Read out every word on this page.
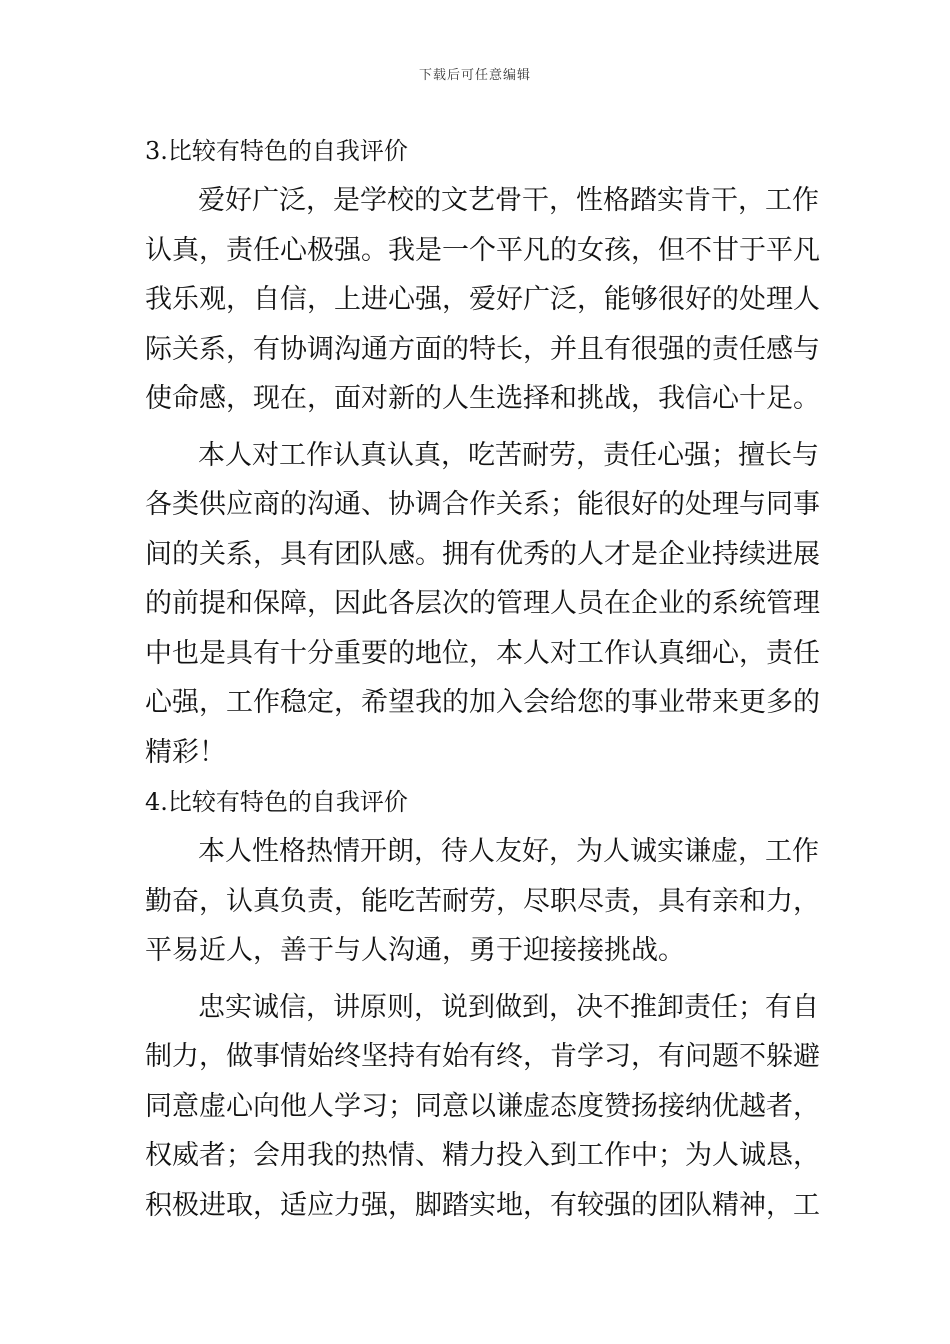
下载后可任意编辑
3.比较有特色的自我评价
爱好广泛，是学校的文艺骨干，性格踏实肯干，工作
认真，责任心极强。我是一个平凡的女孩，但不甘于平凡
我乐观，自信，上进心强，爱好广泛，能够很好的处理人
际关系，有协调沟通方面的特长，并且有很强的责任感与
使命感，现在，面对新的人生选择和挑战，我信心十足。
本人对工作认真认真，吃苦耐劳，责任心强；擅长与
各类供应商的沟通、协调合作关系；能很好的处理与同事
间的关系，具有团队感。拥有优秀的人才是企业持续进展
的前提和保障，因此各层次的管理人员在企业的系统管理
中也是具有十分重要的地位，本人对工作认真细心，责任
心强，工作稳定，希望我的加入会给您的事业带来更多的
精彩！
4.比较有特色的自我评价
本人性格热情开朗，待人友好，为人诚实谦虚，工作
勤奋，认真负责，能吃苦耐劳，尽职尽责，具有亲和力，
平易近人，善于与人沟通，勇于迎接接挑战。
忠实诚信，讲原则，说到做到，决不推卸责任；有自
制力，做事情始终坚持有始有终，肯学习，有问题不躲避
同意虚心向他人学习；同意以谦虚态度赞扬接纳优越者，
权威者；会用我的热情、精力投入到工作中；为人诚恳，
积极进取，适应力强，脚踏实地，有较强的团队精神，工
